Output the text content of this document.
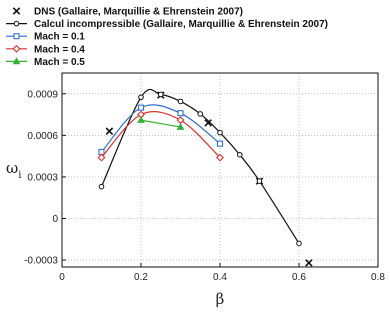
DNS (Gallaire, Marquillie & Ehrenstein 2007)
Calcul incompressible (Gallaire, Marquillie & Ehrenstein 2007)
Mach = 0.1
Mach = 0.4
Mach = 0.5
0	0.2	0.4	0.6	0.8
-0.0003
0
0.0003
0.0006
0.0009
β
$\omega_i$
